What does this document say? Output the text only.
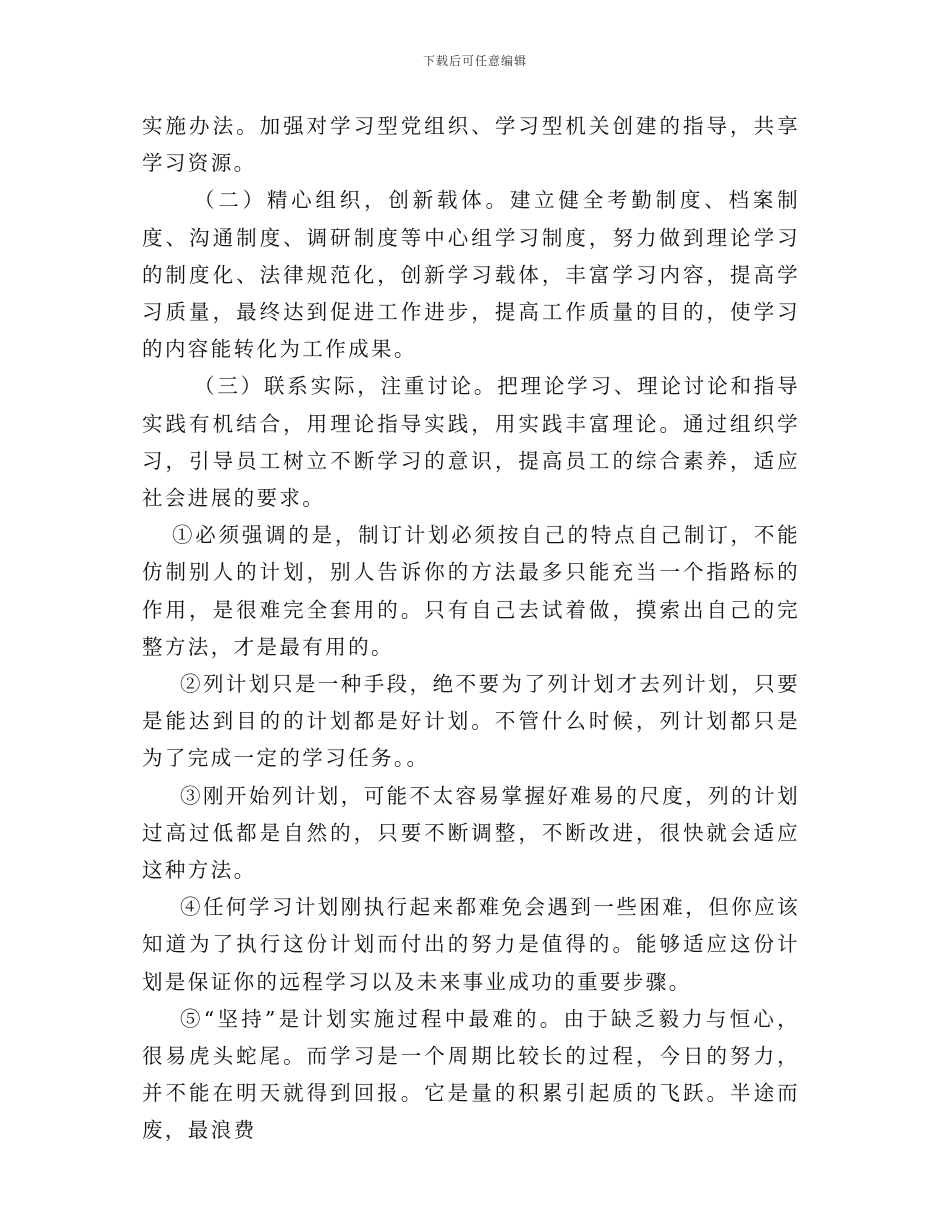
下载后可任意编辑

实施办法。加强对学习型党组织、学习型机关创建的指导，共享学习资源。

（二）精心组织，创新载体。建立健全考勤制度、档案制度、沟通制度、调研制度等中心组学习制度，努力做到理论学习的制度化、法律规范化，创新学习载体，丰富学习内容，提高学习质量，最终达到促进工作进步，提高工作质量的目的，使学习的内容能转化为工作成果。

（三）联系实际，注重讨论。把理论学习、理论讨论和指导实践有机结合，用理论指导实践，用实践丰富理论。通过组织学习，引导员工树立不断学习的意识，提高员工的综合素养，适应社会进展的要求。

①必须强调的是，制订计划必须按自己的特点自己制订，不能仿制别人的计划，别人告诉你的方法最多只能充当一个指路标的作用，是很难完全套用的。只有自己去试着做，摸索出自己的完整方法，才是最有用的。

②列计划只是一种手段，绝不要为了列计划才去列计划，只要是能达到目的的计划都是好计划。不管什么时候，列计划都只是为了完成一定的学习任务。。

③刚开始列计划，可能不太容易掌握好难易的尺度，列的计划过高过低都是自然的，只要不断调整，不断改进，很快就会适应这种方法。

④任何学习计划刚执行起来都难免会遇到一些困难，但你应该知道为了执行这份计划而付出的努力是值得的。能够适应这份计划是保证你的远程学习以及未来事业成功的重要步骤。

⑤“坚持”是计划实施过程中最难的。由于缺乏毅力与恒心，很易虎头蛇尾。而学习是一个周期比较长的过程，今日的努力，并不能在明天就得到回报。它是量的积累引起质的飞跃。半途而废，最浪费
